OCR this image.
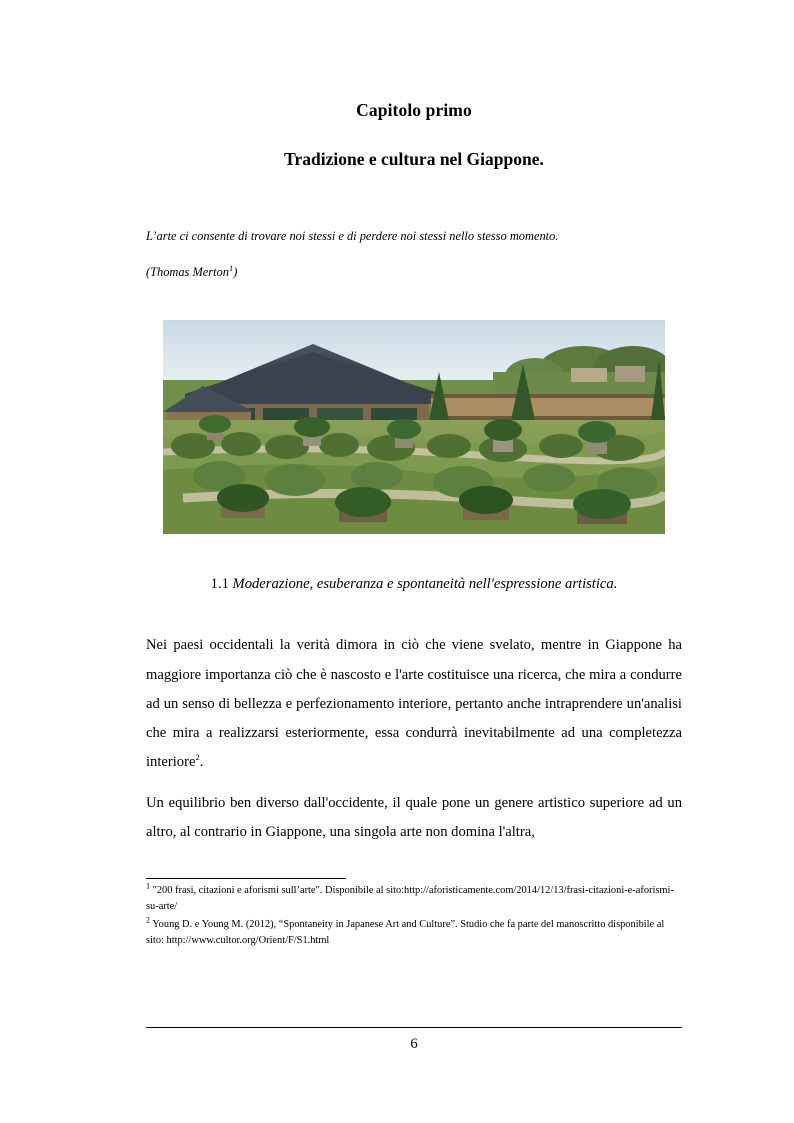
Capitolo primo
Tradizione e cultura nel Giappone.
L’arte ci consente di trovare noi stessi e di perdere noi stessi nello stesso momento.
(Thomas Merton$^1$)
1.1 Moderazione, esuberanza e spontaneità nell'espressione artistica.

Nei paesi occidentali la verità dimora in ciò che viene svelato, mentre in Giappone ha maggiore importanza ciò che è nascosto e l'arte costituisce una ricerca, che mira a condurre ad un senso di bellezza e perfezionamento interiore, pertanto anche intraprendere un'analisi che mira a realizzarsi esteriormente, essa condurrà inevitabilmente ad una completezza interiore$^2$.

Un equilibrio ben diverso dall'occidente, il quale pone un genere artistico superiore ad un altro, al contrario in Giappone, una singola arte non domina l'altra,

$^1$ "200 frasi, citazioni e aforismi sull’arte". Disponibile al sito:http://aforisticamente.com/2014/12/13/frasi-citazioni-e-aforismi-su-arte/
$^2$ Young D. e Young M. (2012), “Spontaneity in Japanese Art and Culture”. Studio che fa parte del manoscritto disponibile al sito: http://www.cultor.org/Orient/F/S1.html
6
